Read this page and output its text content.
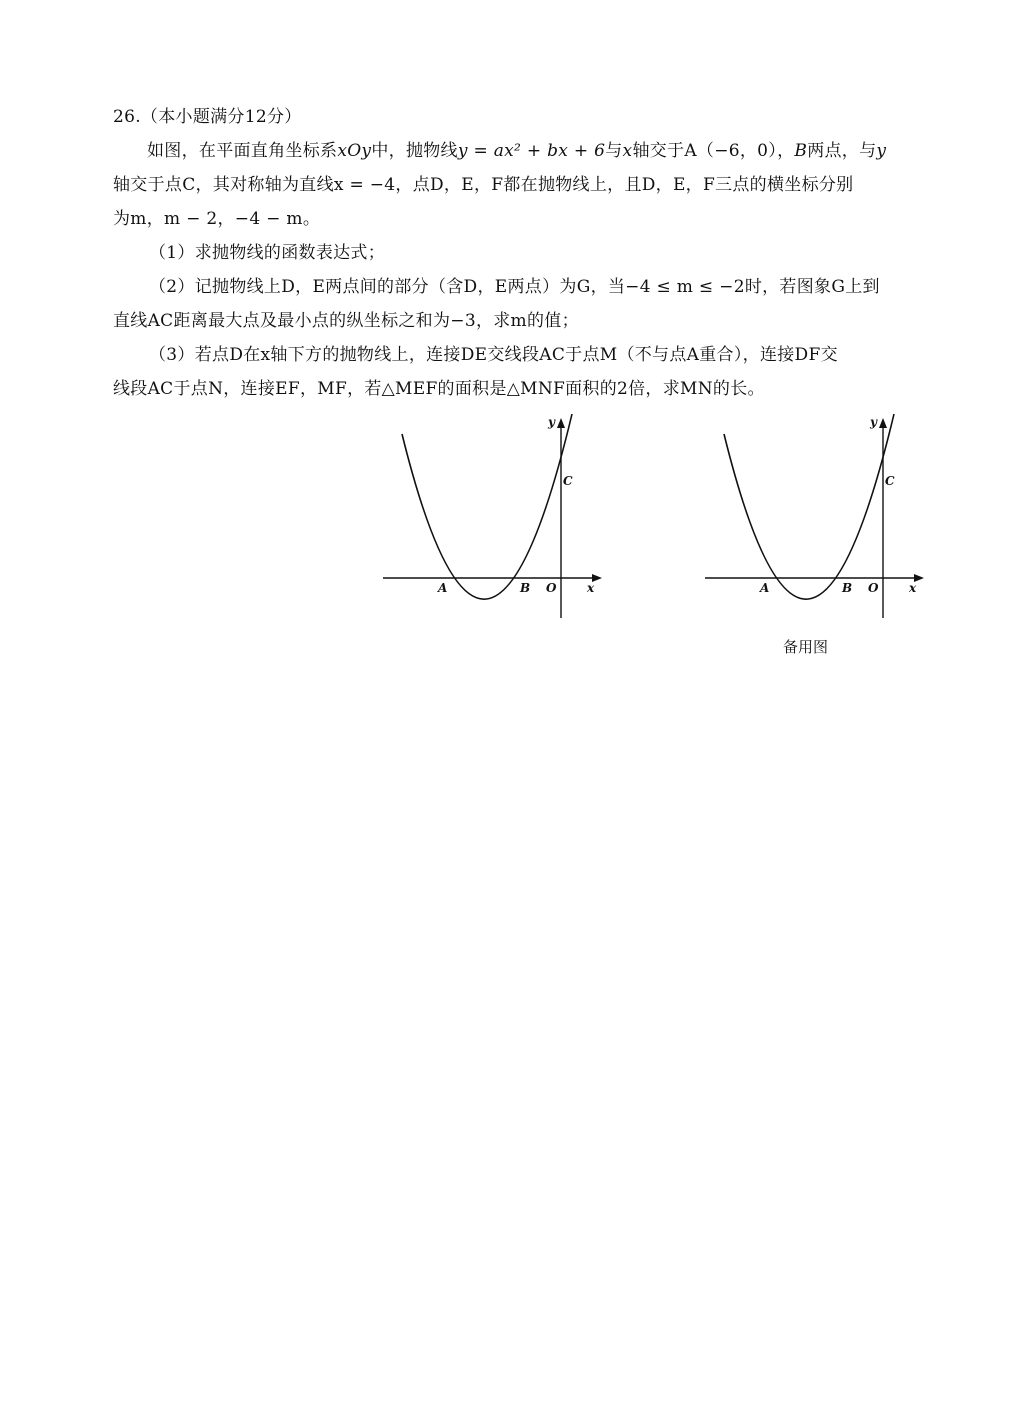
26.（本小题满分12分）
如图，在平面直角坐标系xOy中，抛物线y = ax² + bx + 6与x轴交于A（−6，0），B两点，与y
轴交于点C，其对称轴为直线x = −4，点D，E，F都在抛物线上，且D，E，F三点的横坐标分别
为m，m − 2，−4 − m。
（1）求抛物线的函数表达式；
（2）记抛物线上D，E两点间的部分（含D，E两点）为G，当−4 ≤ m ≤ −2时，若图象G上到
直线AC距离最大点及最小点的纵坐标之和为−3，求m的值；
（3）若点D在x轴下方的抛物线上，连接DE交线段AC于点M（不与点A重合），连接DF交
线段AC于点N，连接EF，MF，若△MEF的面积是△MNF面积的2倍，求MN的长。
A	B O	x
y
C
A	B O	x
y
C
备用图
